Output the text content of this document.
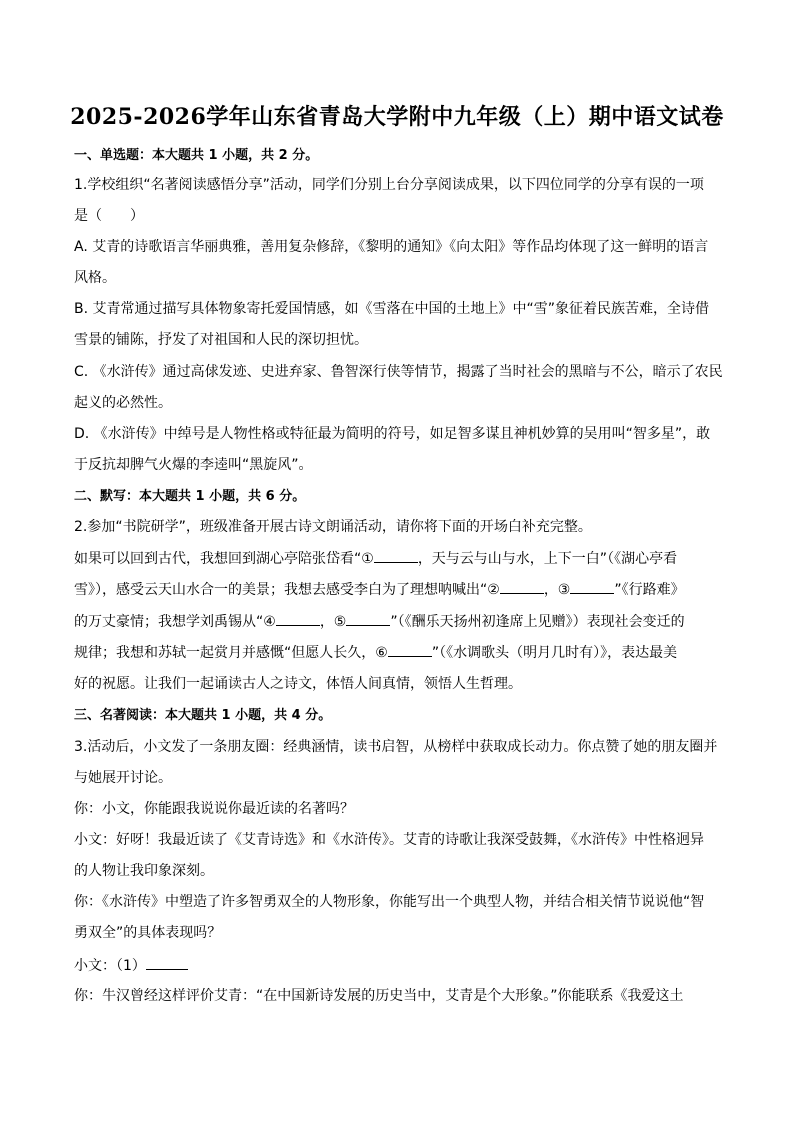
2025-2026学年山东省青岛大学附中九年级（上）期中语文试卷
一、单选题：本大题共 1 小题，共 2 分。
1.学校组织“名著阅读感悟分享”活动，同学们分别上台分享阅读成果，以下四位同学的分享有误的一项
是（　　）
A. 艾青的诗歌语言华丽典雅，善用复杂修辞，《黎明的通知》《向太阳》等作品均体现了这一鲜明的语言
风格。
B. 艾青常通过描写具体物象寄托爱国情感，如《雪落在中国的土地上》中“雪”象征着民族苦难，全诗借
雪景的铺陈，抒发了对祖国和人民的深切担忧。
C. 《水浒传》通过高俅发迹、史进弃家、鲁智深行侠等情节，揭露了当时社会的黑暗与不公，暗示了农民
起义的必然性。
D. 《水浒传》中绰号是人物性格或特征最为简明的符号，如足智多谋且神机妙算的吴用叫“智多星”，敢
于反抗却脾气火爆的李逵叫“黑旋风”。
二、默写：本大题共 1 小题，共 6 分。
2.参加“书院研学”，班级准备开展古诗文朗诵活动，请你将下面的开场白补充完整。
如果可以回到古代，我想回到湖心亭陪张岱看“①	，天与云与山与水，上下一白”（《湖心亭看
雪》），感受云天山水合一的美景；我想去感受李白为了理想呐喊出“②	，③	”《行路难》
的万丈豪情；我想学刘禹锡从“④	，⑤	”（《酬乐天扬州初逢席上见赠》）表现社会变迁的
规律；我想和苏轼一起赏月并感慨“但愿人长久，⑥	”（《水调歌头（明月几时有）》，表达最美
好的祝愿。让我们一起诵读古人之诗文，体悟人间真情，领悟人生哲理。
三、名著阅读：本大题共 1 小题，共 4 分。
3.活动后，小文发了一条朋友圈：经典涵情，读书启智，从榜样中获取成长动力。你点赞了她的朋友圈并
与她展开讨论。
你：小文，你能跟我说说你最近读的名著吗？
小文：好呀！我最近读了《艾青诗选》和《水浒传》。艾青的诗歌让我深受鼓舞，《水浒传》中性格迥异
的人物让我印象深刻。
你：《水浒传》中塑造了许多智勇双全的人物形象，你能写出一个典型人物，并结合相关情节说说他“智
勇双全”的具体表现吗？
小文：（1）
你：牛汉曾经这样评价艾青：“在中国新诗发展的历史当中，艾青是个大形象。”你能联系《我爱这土
